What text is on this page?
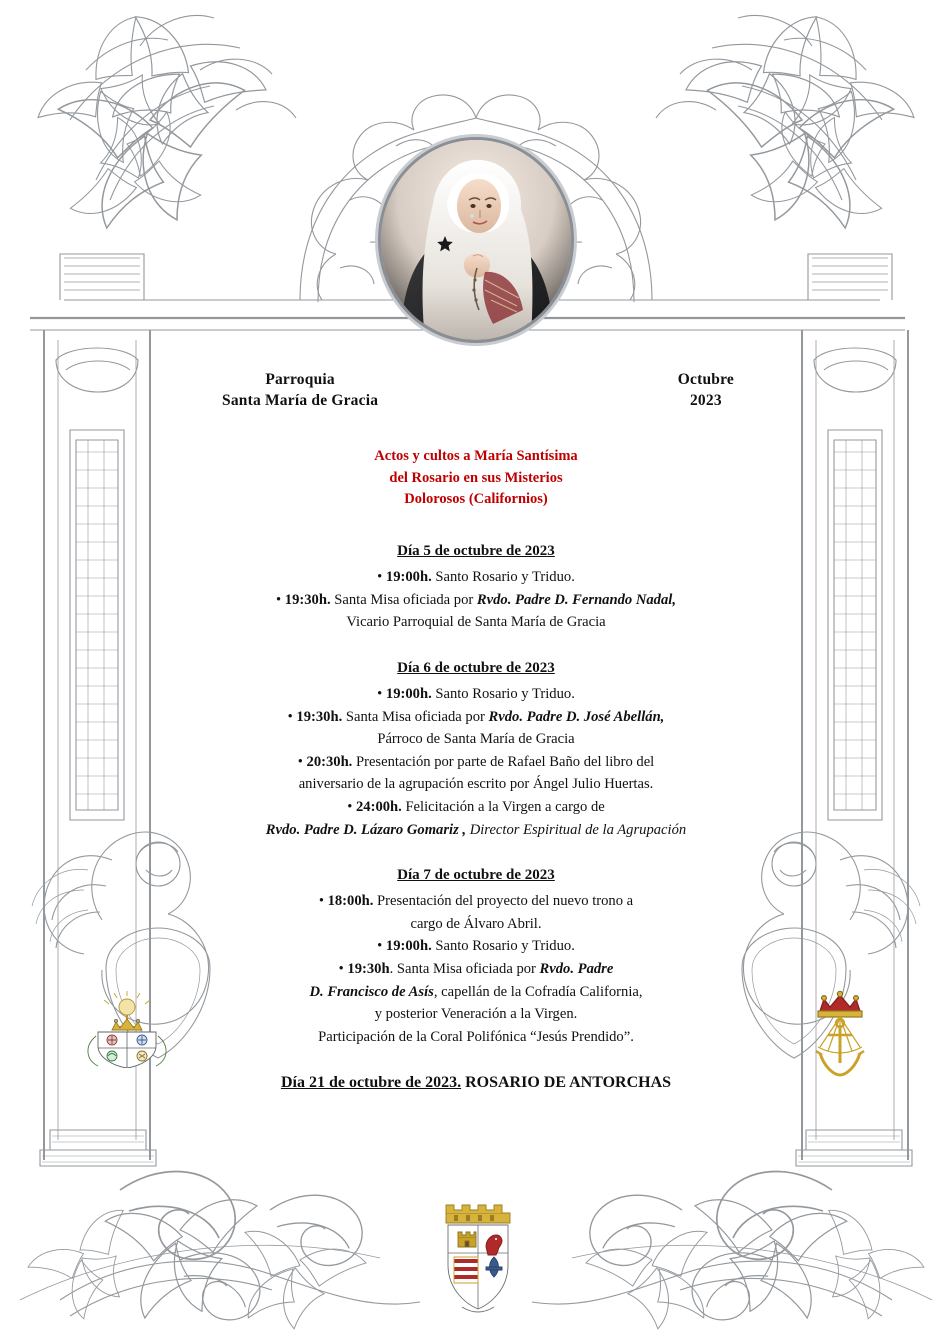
Parroquia
Santa María de Gracia
Octubre
2023
Actos y cultos a María Santísima
del Rosario en sus Misterios
Dolorosos (Californios)
Día 5 de octubre de 2023
• 19:00h. Santo Rosario y Triduo.
• 19:30h. Santa Misa oficiada por Rvdo. Padre D. Fernando Nadal,
Vicario Parroquial de Santa María de Gracia
Día 6 de octubre de 2023
• 19:00h. Santo Rosario y Triduo.
• 19:30h. Santa Misa oficiada por Rvdo. Padre D. José Abellán,
Párroco de Santa María de Gracia
• 20:30h. Presentación por parte de Rafael Baño del libro del
aniversario de la agrupación escrito por Ángel Julio Huertas.
• 24:00h. Felicitación a la Virgen a cargo de
Rvdo. Padre D. Lázaro Gomariz , Director Espiritual de la Agrupación
Día 7 de octubre de 2023
• 18:00h. Presentación del proyecto del nuevo trono a
cargo de Álvaro Abril.
• 19:00h. Santo Rosario y Triduo.
• 19:30h. Santa Misa oficiada por Rvdo. Padre
D. Francisco de Asís, capellán de la Cofradía California,
y posterior Veneración a la Virgen.
Participación de la Coral Polifónica “Jesús Prendido”.
Día 21 de octubre de 2023. ROSARIO DE ANTORCHAS
